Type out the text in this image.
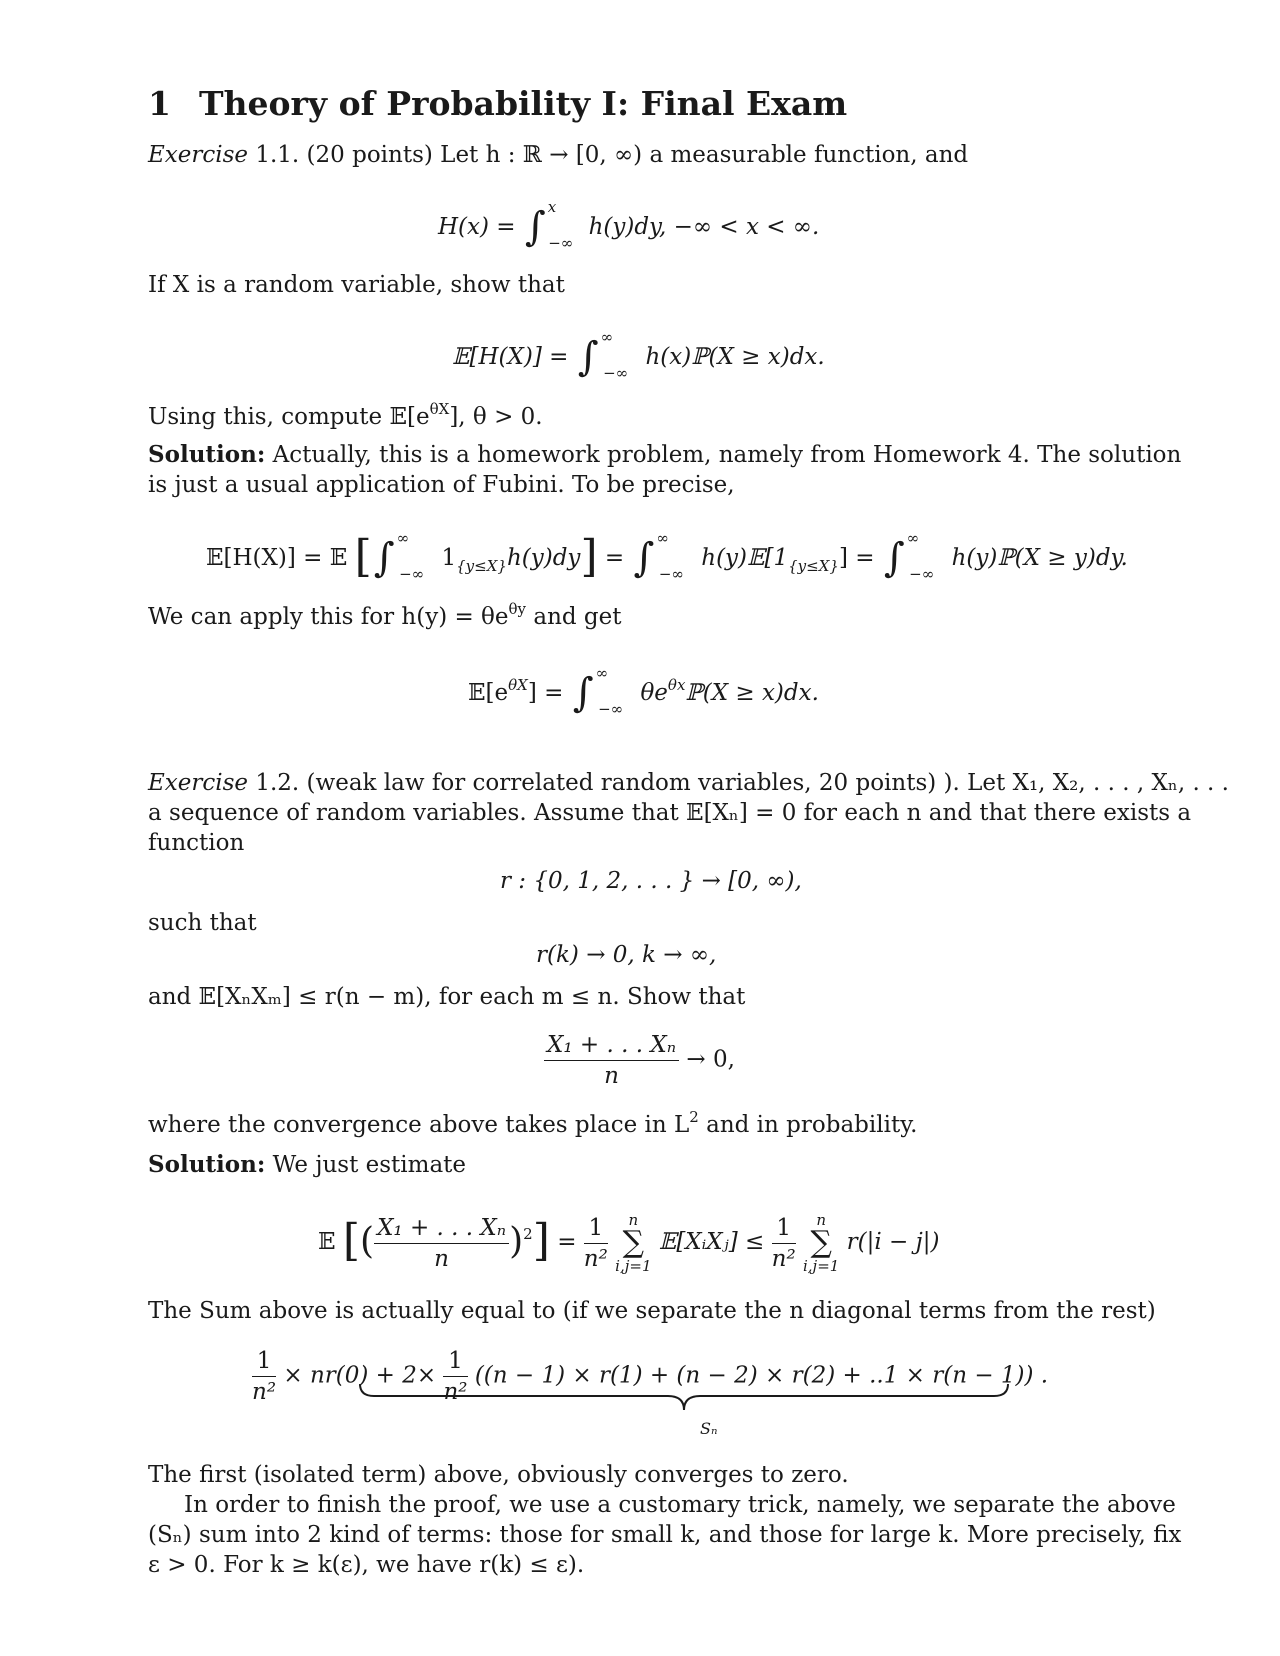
1 Theory of Probability I: Final Exam
Exercise 1.1. (20 points) Let h : ℝ → [0, ∞) a measurable function, and
H(x) = ∫ $^x_{-\infty}$ h(y)dy, −∞ < x < ∞.
If X is a random variable, show that
𝔼[H(X)] = ∫ ∞$_{-\infty}$ h(x)ℙ(X ≥ x)dx.
Using this, compute $𝔼[e^{\theta X}]$, θ > 0.
Solution: Actually, this is a homework problem, namely from Homework 4. The solution
is just a usual application of Fubini. To be precise,
𝔼[H(X)] = 𝔼 [∫ ∞$_{-\infty}$ $1_{\{y\le X\}}h(y)dy$] = ∫ ∞$_{-\infty}$ $h(y)𝔼[1_{\{y\le X\}}]$ = ∫ ∞$_{-\infty}$ h(y)ℙ(X ≥ y)dy.
We can apply this for $h(y) = \theta e^{\theta y}$ and get
$𝔼[e^{\theta X}]$ = ∫ ∞$_{-\infty}$ $\theta e^{\theta x}ℙ(X \ge x)dx$.
Exercise 1.2. (weak law for correlated random variables, 20 points) ). Let X₁, X₂, . . . , Xₙ, . . .
a sequence of random variables. Assume that 𝔼[Xₙ] = 0 for each n and that there exists a
function
r : {0, 1, 2, . . . } → [0, ∞),
such that
r(k) → 0, k → ∞,
and 𝔼[XₙXₘ] ≤ r(n − m), for each m ≤ n. Show that
$\frac{\text{X₁ + . . . Xₙ}}{n} \to 0$,
where the convergence above takes place in $L^2$ and in probability.
Solution: We just estimate
𝔼 [( $\frac{\text{X₁ + . . . Xₙ}}{n} )^2] = \frac{1}{\text{n²}}$
	n
∑
i,j=1
𝔼[XᵢXⱼ] ≤ $\frac{1}{\text{n²}}$
	n
∑
i,j=1
r(|i − j|)
The Sum above is actually equal to (if we separate the n diagonal terms from the rest)
$\frac{1}{\text{n²}} \times nr(0) + 2\times \frac{1}{\text{n²}} ((n - 1) \times r(1) + (n - 2) \times r(2) + ..1 \times r(n - 1))$ .
Sₙ
The first (isolated term) above, obviously converges to zero.
In order to finish the proof, we use a customary trick, namely, we separate the above
(Sₙ) sum into 2 kind of terms: those for small k, and those for large k. More precisely, fix
ε > 0. For k ≥ k(ε), we have r(k) ≤ ε).
